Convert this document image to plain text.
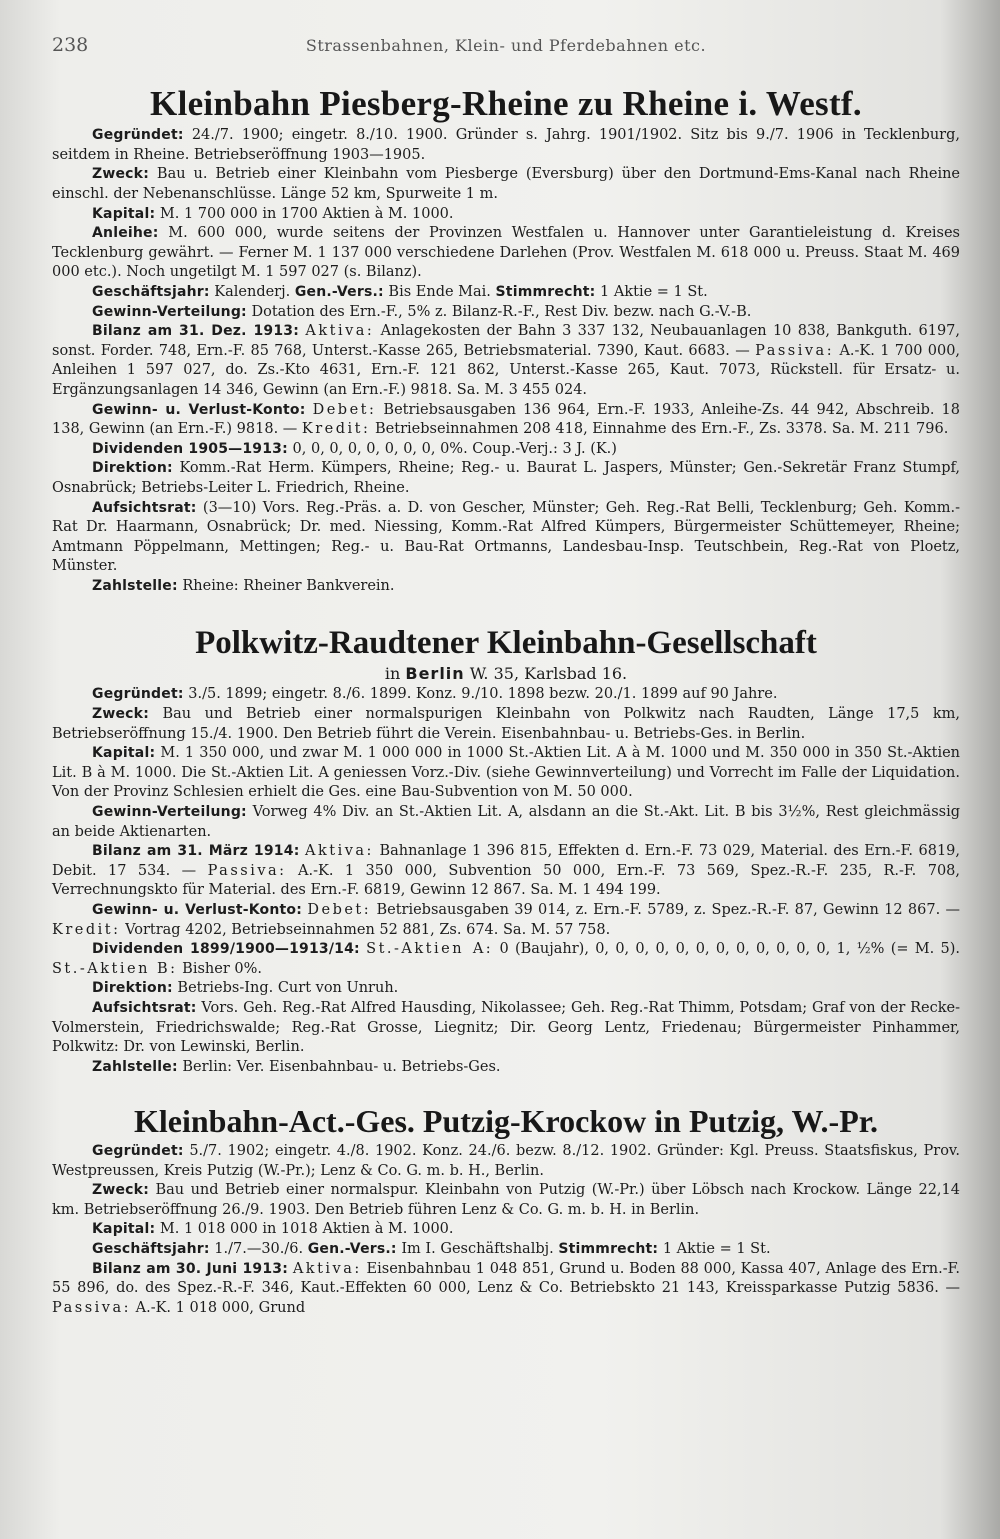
238	Strassenbahnen, Klein- und Pferdebahnen etc.
Kleinbahn Piesberg-Rheine zu Rheine i. Westf.

Gegründet: 24./7. 1900; eingetr. 8./10. 1900. Gründer s. Jahrg. 1901/1902. Sitz bis 9./7. 1906 in Tecklenburg, seitdem in Rheine. Betriebseröffnung 1903—1905.

Zweck: Bau u. Betrieb einer Kleinbahn vom Piesberge (Eversburg) über den Dortmund-Ems-Kanal nach Rheine einschl. der Nebenanschlüsse. Länge 52 km, Spurweite 1 m.

Kapital: M. 1 700 000 in 1700 Aktien à M. 1000.

Anleihe: M. 600 000, wurde seitens der Provinzen Westfalen u. Hannover unter Garantieleistung d. Kreises Tecklenburg gewährt. — Ferner M. 1 137 000 verschiedene Darlehen (Prov. Westfalen M. 618 000 u. Preuss. Staat M. 469 000 etc.). Noch ungetilgt M. 1 597 027 (s. Bilanz).

Geschäftsjahr: Kalenderj. Gen.-Vers.: Bis Ende Mai. Stimmrecht: 1 Aktie = 1 St.

Gewinn-Verteilung: Dotation des Ern.-F., 5% z. Bilanz-R.-F., Rest Div. bezw. nach G.-V.-B.

Bilanz am 31. Dez. 1913: Aktiva: Anlagekosten der Bahn 3 337 132, Neubauanlagen 10 838, Bankguth. 6197, sonst. Forder. 748, Ern.-F. 85 768, Unterst.-Kasse 265, Betriebsmaterial. 7390, Kaut. 6683. — Passiva: A.-K. 1 700 000, Anleihen 1 597 027, do. Zs.-Kto 4631, Ern.-F. 121 862, Unterst.-Kasse 265, Kaut. 7073, Rückstell. für Ersatz- u. Ergänzungsanlagen 14 346, Gewinn (an Ern.-F.) 9818. Sa. M. 3 455 024.

Gewinn- u. Verlust-Konto: Debet: Betriebsausgaben 136 964, Ern.-F. 1933, Anleihe-Zs. 44 942, Abschreib. 18 138, Gewinn (an Ern.-F.) 9818. — Kredit: Betriebseinnahmen 208 418, Einnahme des Ern.-F., Zs. 3378. Sa. M. 211 796.

Dividenden 1905—1913: 0, 0, 0, 0, 0, 0, 0, 0, 0%. Coup.-Verj.: 3 J. (K.)

Direktion: Komm.-Rat Herm. Kümpers, Rheine; Reg.- u. Baurat L. Jaspers, Münster; Gen.-Sekretär Franz Stumpf, Osnabrück; Betriebs-Leiter L. Friedrich, Rheine.

Aufsichtsrat: (3—10) Vors. Reg.-Präs. a. D. von Gescher, Münster; Geh. Reg.-Rat Belli, Tecklenburg; Geh. Komm.-Rat Dr. Haarmann, Osnabrück; Dr. med. Niessing, Komm.-Rat Alfred Kümpers, Bürgermeister Schüttemeyer, Rheine; Amtmann Pöppelmann, Mettingen; Reg.- u. Bau-Rat Ortmanns, Landesbau-Insp. Teutschbein, Reg.-Rat von Ploetz, Münster.

Zahlstelle: Rheine: Rheiner Bankverein.

Polkwitz-Raudtener Kleinbahn-Gesellschaft
in Berlin W. 35, Karlsbad 16.

Gegründet: 3./5. 1899; eingetr. 8./6. 1899. Konz. 9./10. 1898 bezw. 20./1. 1899 auf 90 Jahre.

Zweck: Bau und Betrieb einer normalspurigen Kleinbahn von Polkwitz nach Raudten, Länge 17,5 km, Betriebseröffnung 15./4. 1900. Den Betrieb führt die Verein. Eisenbahnbau- u. Betriebs-Ges. in Berlin.

Kapital: M. 1 350 000, und zwar M. 1 000 000 in 1000 St.-Aktien Lit. A à M. 1000 und M. 350 000 in 350 St.-Aktien Lit. B à M. 1000. Die St.-Aktien Lit. A geniessen Vorz.-Div. (siehe Gewinnverteilung) und Vorrecht im Falle der Liquidation. Von der Provinz Schlesien erhielt die Ges. eine Bau-Subvention von M. 50 000.

Gewinn-Verteilung: Vorweg 4% Div. an St.-Aktien Lit. A, alsdann an die St.-Akt. Lit. B bis 3½%, Rest gleichmässig an beide Aktienarten.

Bilanz am 31. März 1914: Aktiva: Bahnanlage 1 396 815, Effekten d. Ern.-F. 73 029, Material. des Ern.-F. 6819, Debit. 17 534. — Passiva: A.-K. 1 350 000, Subvention 50 000, Ern.-F. 73 569, Spez.-R.-F. 235, R.-F. 708, Verrechnungskto für Material. des Ern.-F. 6819, Gewinn 12 867. Sa. M. 1 494 199.

Gewinn- u. Verlust-Konto: Debet: Betriebsausgaben 39 014, z. Ern.-F. 5789, z. Spez.-R.-F. 87, Gewinn 12 867. — Kredit: Vortrag 4202, Betriebseinnahmen 52 881, Zs. 674. Sa. M. 57 758.

Dividenden 1899/1900—1913/14: St.-Aktien A: 0 (Baujahr), 0, 0, 0, 0, 0, 0, 0, 0, 0, 0, 0, 0, 1, ½% (= M. 5). St.-Aktien B: Bisher 0%.

Direktion: Betriebs-Ing. Curt von Unruh.

Aufsichtsrat: Vors. Geh. Reg.-Rat Alfred Hausding, Nikolassee; Geh. Reg.-Rat Thimm, Potsdam; Graf von der Recke-Volmerstein, Friedrichswalde; Reg.-Rat Grosse, Liegnitz; Dir. Georg Lentz, Friedenau; Bürgermeister Pinhammer, Polkwitz: Dr. von Lewinski, Berlin.

Zahlstelle: Berlin: Ver. Eisenbahnbau- u. Betriebs-Ges.

Kleinbahn-Act.-Ges. Putzig-Krockow in Putzig, W.-Pr.

Gegründet: 5./7. 1902; eingetr. 4./8. 1902. Konz. 24./6. bezw. 8./12. 1902. Gründer: Kgl. Preuss. Staatsfiskus, Prov. Westpreussen, Kreis Putzig (W.-Pr.); Lenz & Co. G. m. b. H., Berlin.

Zweck: Bau und Betrieb einer normalspur. Kleinbahn von Putzig (W.-Pr.) über Löbsch nach Krockow. Länge 22,14 km. Betriebseröffnung 26./9. 1903. Den Betrieb führen Lenz & Co. G. m. b. H. in Berlin.

Kapital: M. 1 018 000 in 1018 Aktien à M. 1000.

Geschäftsjahr: 1./7.—30./6. Gen.-Vers.: Im I. Geschäftshalbj. Stimmrecht: 1 Aktie = 1 St.

Bilanz am 30. Juni 1913: Aktiva: Eisenbahnbau 1 048 851, Grund u. Boden 88 000, Kassa 407, Anlage des Ern.-F. 55 896, do. des Spez.-R.-F. 346, Kaut.-Effekten 60 000, Lenz & Co. Betriebskto 21 143, Kreissparkasse Putzig 5836. — Passiva: A.-K. 1 018 000, Grund
